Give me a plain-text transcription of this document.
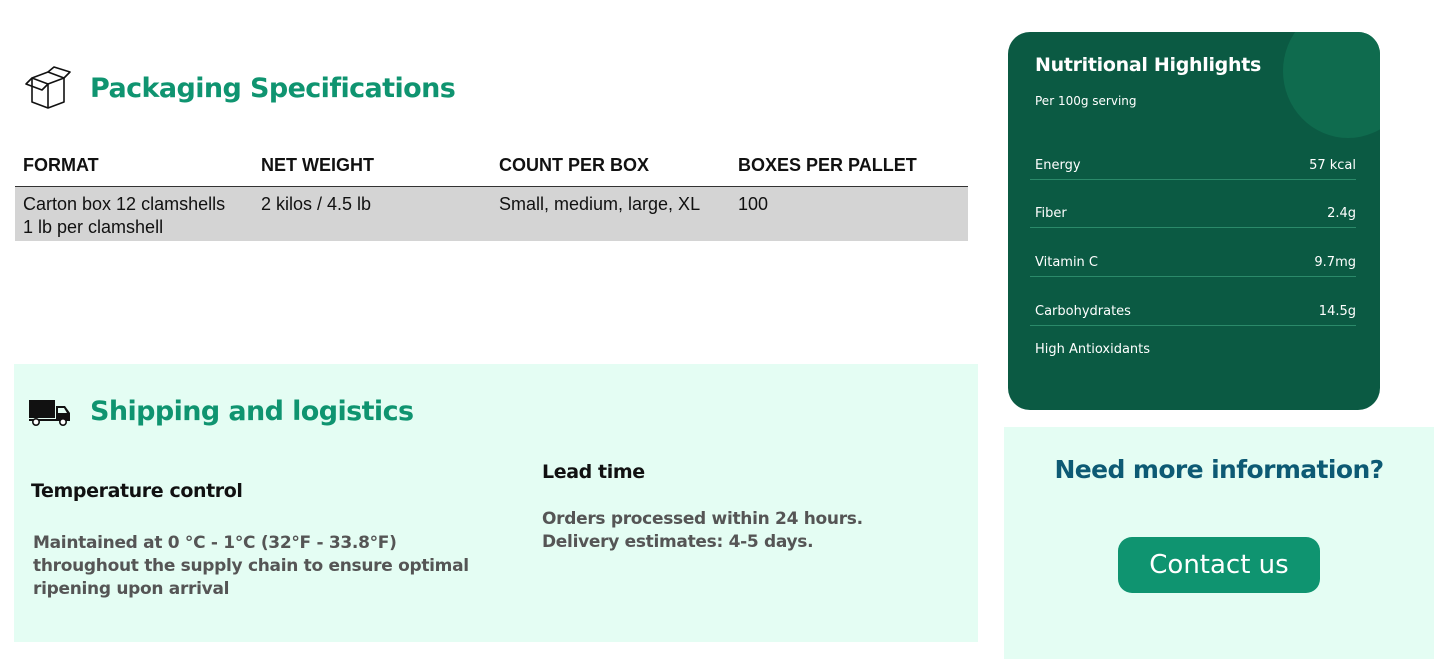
Packaging Specifications
FORMAT	NET WEIGHT	COUNT PER BOX	BOXES PER PALLET

Carton box 12 clamshells
1 lb per clamshell	2 kilos / 4.5 lb	Small, medium, large, XL	100
Shipping and logistics
Temperature control
Maintained at 0 °C - 1°C (32°F - 33.8°F) throughout the supply chain to ensure optimal ripening upon arrival
Lead time
Orders processed within 24 hours. Delivery estimates: 4-5 days.
Nutritional Highlights
Per 100g serving
Energy	57 kcal
Fiber	2.4g
Vitamin C	9.7mg
Carbohydrates	14.5g
High Antioxidants
Need more information?
Contact us
